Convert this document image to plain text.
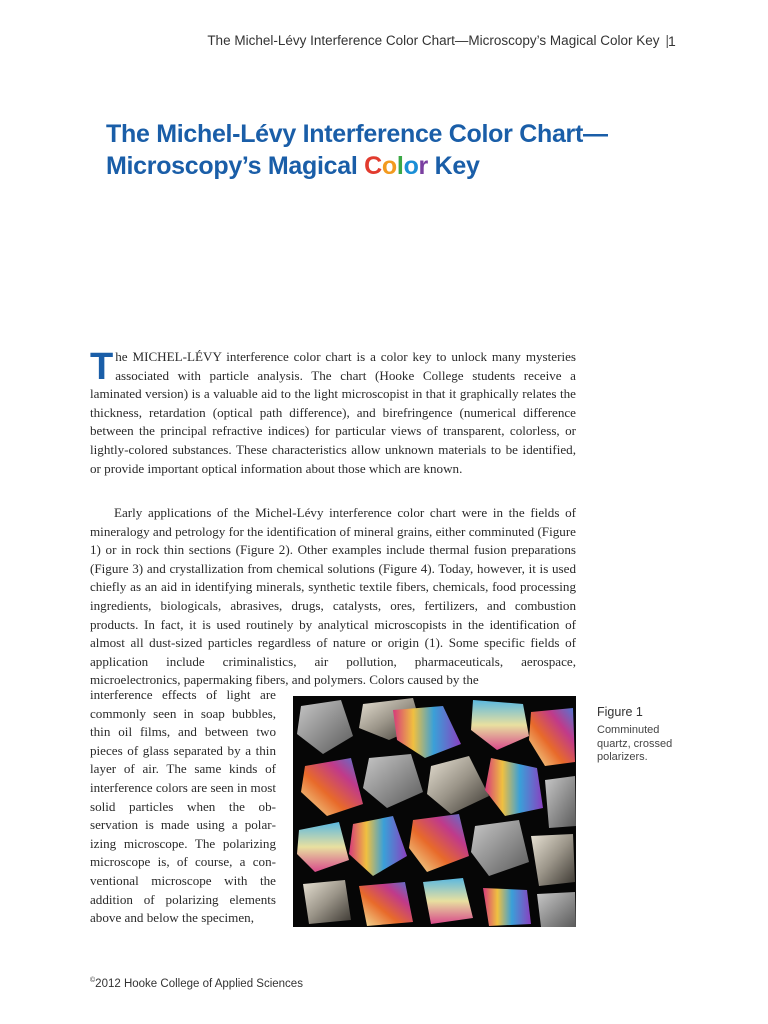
The Michel-Lévy Interference Color Chart—Microscopy’s Magical Color Key | 1
The Michel-Lévy Interference Color Chart—
Microscopy’s Magical Color Key
The MICHEL-LÉVY interference color chart is a color key to unlock many mysteries associated with particle analysis. The chart (Hooke College students receive a laminated version) is a valuable aid to the light microscopist in that it graphically relates the thickness, retardation (optical path difference), and birefringence (numerical difference between the principal refractive indices) for particular views of transparent, colorless, or lightly-colored substances. These characteristics allow unknown materials to be identified, or provide important optical information about those which are known.
Early applications of the Michel-Lévy interference color chart were in the fields of mineralogy and petrology for the identification of mineral grains, either comminuted (Figure 1) or in rock thin sections (Figure 2). Other examples include thermal fusion preparations (Figure 3) and crystallization from chemical solutions (Figure 4). Today, however, it is used chiefly as an aid in identifying minerals, synthetic textile fibers, chemicals, food processing ingredients, biologicals, abrasives, drugs, catalysts, ores, fertilizers, and combustion products. In fact, it is used routinely by analytical microscopists in the identification of almost all dust-sized particles regardless of nature or origin (1). Some specific fields of application include criminalistics, air pollution, pharmaceuticals, aerospace, microelectronics, papermaking fibers, and polymers. Colors caused by the
interference effects of light are commonly seen in soap bubbles, thin oil films, and between two pieces of glass separated by a thin layer of air. The same kinds of interference colors are seen in most solid particles when the observation is made using a polarizing microscope. The polarizing microscope is, of course, a conventional microscope with the addition of polarizing elements above and below the specimen,
Figure 1
Comminuted quartz, crossed polarizers.
©2012 Hooke College of Applied Sciences
